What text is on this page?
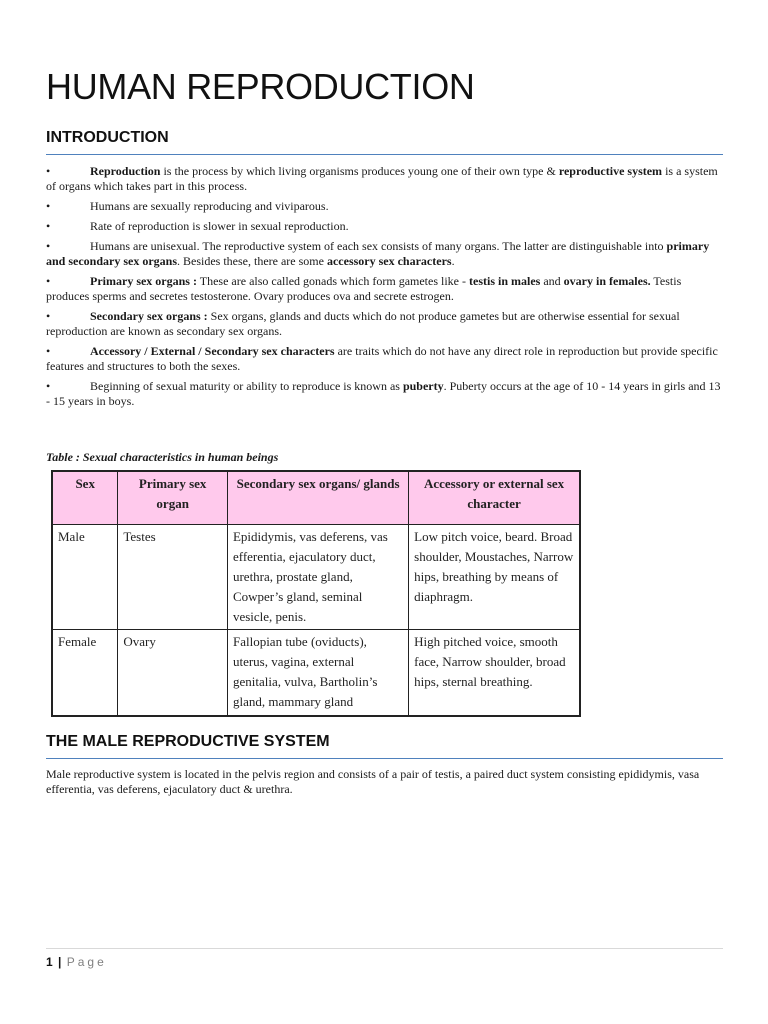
HUMAN REPRODUCTION
INTRODUCTION
•	Reproduction is the process by which living organisms produces young one of their own type & reproductive system is a system of organs which takes part in this process.
•	Humans are sexually reproducing and viviparous.
•	Rate of reproduction is slower in sexual reproduction.
•	Humans are unisexual. The reproductive system of each sex consists of many organs. The latter are distinguishable into primary and secondary sex organs. Besides these, there are some accessory sex characters.
•	Primary sex organs : These are also called gonads which form gametes like - testis in males and ovary in females. Testis produces sperms and secretes testosterone. Ovary produces ova and secrete estrogen.
•	Secondary sex organs : Sex organs, glands and ducts which do not produce gametes but are otherwise essential for sexual reproduction are known as secondary sex organs.
•	Accessory / External / Secondary sex characters are traits which do not have any direct role in reproduction but provide specific features and structures to both the sexes.
•	Beginning of sexual maturity or ability to reproduce is known as puberty. Puberty occurs at the age of 10 - 14 years in girls and 13 - 15 years in boys.
Table : Sexual characteristics in human beings
Sex	Primary sex organ	Secondary sex organs/ glands	Accessory or external sex character
Male	Testes	Epididymis, vas deferens, vas efferentia, ejaculatory duct, urethra, prostate gland, Cowper’s gland, seminal vesicle, penis.	Low pitch voice, beard. Broad shoulder, Moustaches, Narrow hips, breathing by means of diaphragm.
Female	Ovary	Fallopian tube (oviducts), uterus, vagina, external genitalia, vulva, Bartholin’s gland, mammary gland	High pitched voice, smooth face, Narrow shoulder, broad hips, sternal breathing.
THE MALE REPRODUCTIVE SYSTEM

Male reproductive system is located in the pelvis region and consists of a pair of testis, a paired duct system consisting epididymis, vasa efferentia, vas deferens, ejaculatory duct & urethra.

1 | Page
